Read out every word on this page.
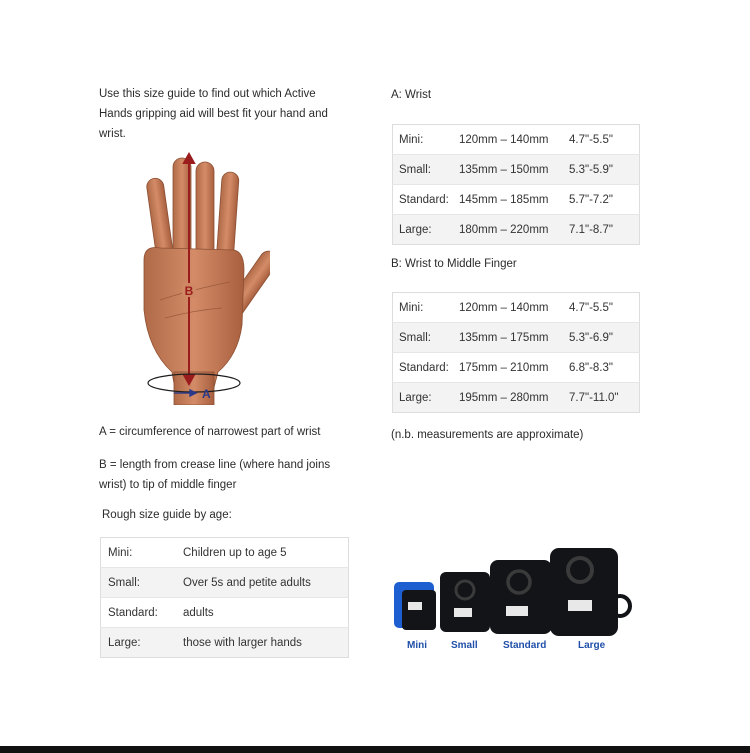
Use this size guide to find out which Active Hands gripping aid will best fit your hand and wrist.
B
A
A = circumference of narrowest part of wrist
B = length from crease line (where hand joins wrist) to tip of middle finger
Rough size guide by age:
Mini:	Children up to age 5
Small:	Over 5s and petite adults
Standard:	adults
Large:	those with larger hands
A: Wrist
Mini:	120mm – 140mm	4.7"-5.5"
Small:	135mm – 150mm	5.3"-5.9"
Standard:	145mm – 185mm	5.7"-7.2"
Large:	180mm – 220mm	7.1"-8.7"
B: Wrist to Middle Finger
Mini:	120mm – 140mm	4.7"-5.5"
Small:	135mm – 175mm	5.3"-6.9"
Standard:	175mm – 210mm	6.8"-8.3"
Large:	195mm – 280mm	7.7"-11.0"
(n.b. measurements are approximate)
Mini Small	Standard	Large
